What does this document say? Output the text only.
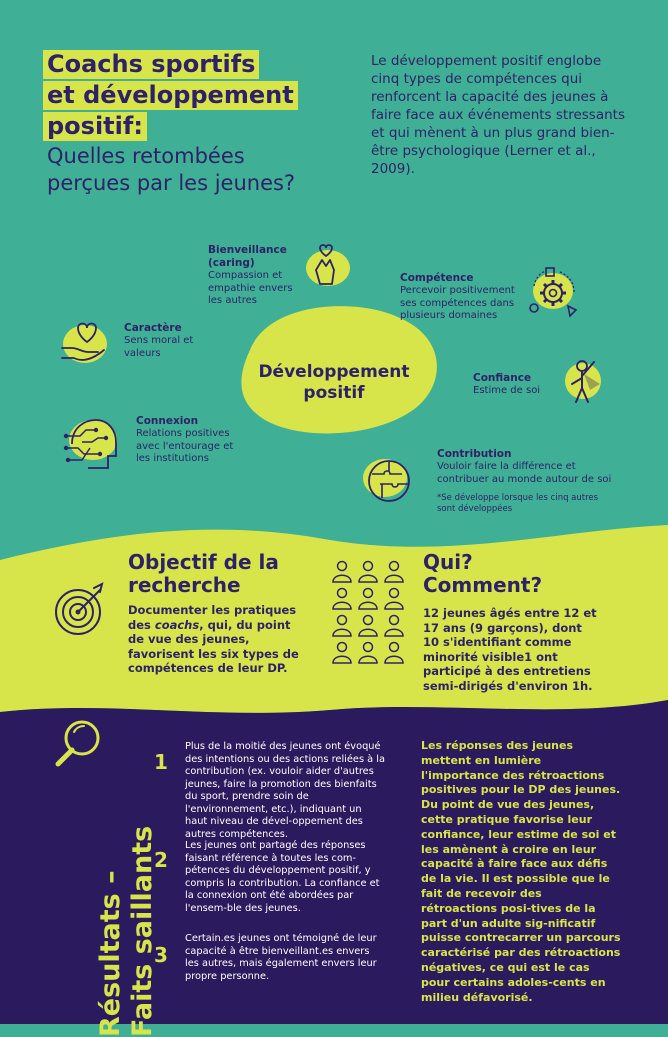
Coachs sportifs
et développement
positif:
Quelles retombées
perçues par les jeunes?
Le développement positif englobe cinq types de compétences qui renforcent la capacité des jeunes à faire face aux événements stressants et qui mènent à un plus grand bien-être psychologique (Lerner et al., 2009).
Développement
positif
Bienveillance
(caring)
Compassion et empathie envers les autres
Compétence
Percevoir positivement ses compétences dans plusieurs domaines
Caractère
Sens moral et valeurs
Confiance
Estime de soi
Connexion
Relations positives avec l'entourage et les institutions	Contribution
Vouloir faire la différence et contribuer au monde autour de soi
*Se développe lorsque les cinq autres sont développées
Objectif de la
recherche
Documenter les pratiques des coachs, qui, du point de vue des jeunes, favorisent les six types de compétences de leur DP.
Qui? Comment?
12 jeunes âgés entre 12 et 17 ans (9 garçons), dont 10 s'identifiant comme minorité visible1 ont participé à des entretiens semi-dirigés d'environ 1h.
Résultats – Faits saillants
1
Plus de la moitié des jeunes ont évoqué des intentions ou des actions reliées à la contribution (ex. vouloir aider d'autres jeunes, faire la promotion des bienfaits du sport, prendre soin de l'environnement, etc.), indiquant un haut niveau de dével-oppement des autres compétences.
2
Les jeunes ont partagé des réponses faisant référence à toutes les com-pétences du développement positif, y compris la contribution. La confiance et la connexion ont été abordées par l'ensem-ble des jeunes.
3
Certain.es jeunes ont témoigné de leur capacité à être bienveillant.es envers les autres, mais également envers leur propre personne.
Les réponses des jeunes mettent en lumière l'importance des rétroactions positives pour le DP des jeunes. Du point de vue des jeunes, cette pratique favorise leur confiance, leur estime de soi et les amènent à croire en leur capacité à faire face aux défis de la vie. Il est possible que le fait de recevoir des rétroactions posi-tives de la part d'un adulte sig-nificatif puisse contrecarrer un parcours caractérisé par des rétroactions négatives, ce qui est le cas pour certains adoles-cents en milieu défavorisé.
